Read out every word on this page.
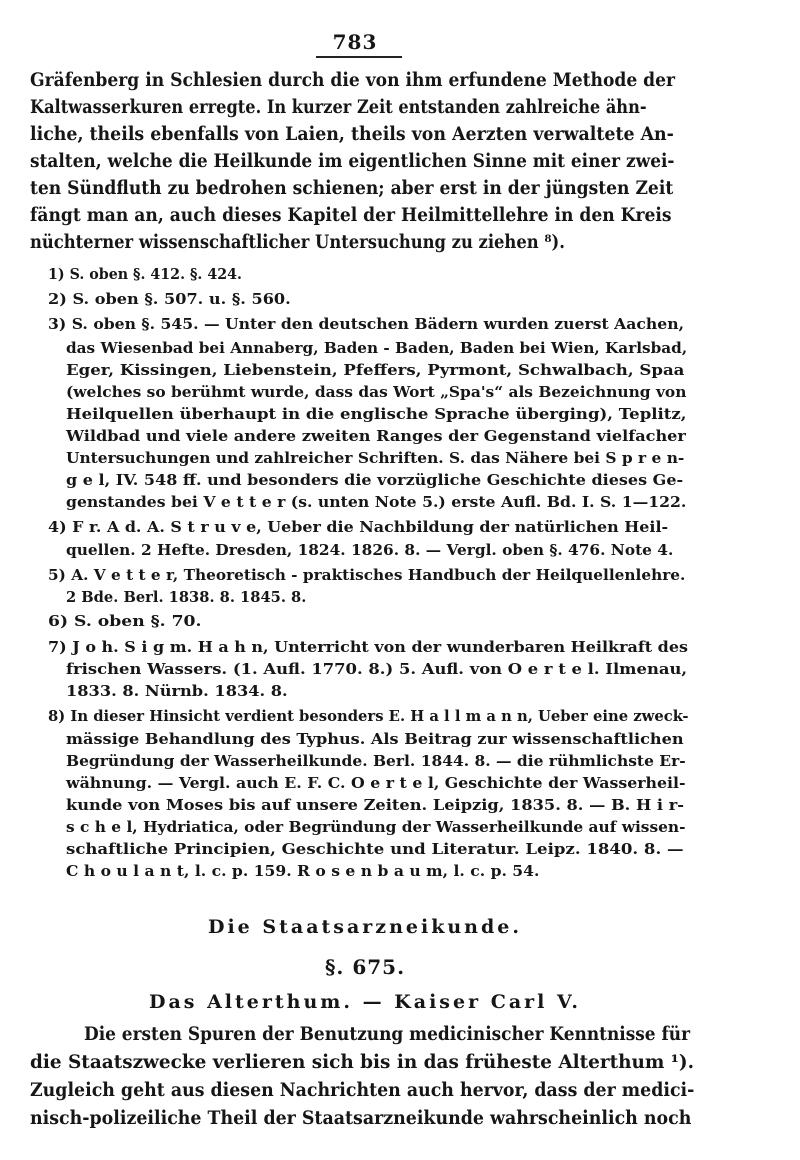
783
Gräfenberg in Schlesien durch die von ihm erfundene Methode der
Kaltwasserkuren erregte. In kurzer Zeit entstanden zahlreiche ähn-
liche, theils ebenfalls von Laien, theils von Aerzten verwaltete An-
stalten, welche die Heilkunde im eigentlichen Sinne mit einer zwei-
ten Sündfluth zu bedrohen schienen; aber erst in der jüngsten Zeit
fängt man an, auch dieses Kapitel der Heilmittellehre in den Kreis
nüchterner wissenschaftlicher Untersuchung zu ziehen ⁸).
1) S. oben §. 412. §. 424.
2) S. oben §. 507. u. §. 560.
3) S. oben §. 545. — Unter den deutschen Bädern wurden zuerst Aachen,
das Wiesenbad bei Annaberg, Baden - Baden, Baden bei Wien, Karlsbad,
Eger, Kissingen, Liebenstein, Pfeffers, Pyrmont, Schwalbach, Spaa
(welches so berühmt wurde, dass das Wort „Spa's“ als Bezeichnung von
Heilquellen überhaupt in die englische Sprache überging), Teplitz,
Wildbad und viele andere zweiten Ranges der Gegenstand vielfacher
Untersuchungen und zahlreicher Schriften. S. das Nähere bei S p r e n-
g e l, IV. 548 ff. und besonders die vorzügliche Geschichte dieses Ge-
genstandes bei V e t t e r (s. unten Note 5.) erste Aufl. Bd. I. S. 1—122.
4) F r. A d. A. S t r u v e, Ueber die Nachbildung der natürlichen Heil-
quellen. 2 Hefte. Dresden, 1824. 1826. 8. — Vergl. oben §. 476. Note 4.
5) A. V e t t e r, Theoretisch - praktisches Handbuch der Heilquellenlehre.
2 Bde. Berl. 1838. 8. 1845. 8.
6) S. oben §. 70.
7) J o h. S i g m. H a h n, Unterricht von der wunderbaren Heilkraft des
frischen Wassers. (1. Aufl. 1770. 8.) 5. Aufl. von O e r t e l. Ilmenau,
1833. 8. Nürnb. 1834. 8.
8) In dieser Hinsicht verdient besonders E. H a l l m a n n, Ueber eine zweck-
mässige Behandlung des Typhus. Als Beitrag zur wissenschaftlichen
Begründung der Wasserheilkunde. Berl. 1844. 8. — die rühmlichste Er-
wähnung. — Vergl. auch E. F. C. O e r t e l, Geschichte der Wasserheil-
kunde von Moses bis auf unsere Zeiten. Leipzig, 1835. 8. — B. H i r-
s c h e l, Hydriatica, oder Begründung der Wasserheilkunde auf wissen-
schaftliche Principien, Geschichte und Literatur. Leipz. 1840. 8. —
C h o u l a n t, l. c. p. 159. R o s e n b a u m, l. c. p. 54.
Die Staatsarzneikunde.
§. 675.
Das Alterthum. — Kaiser Carl V.
Die ersten Spuren der Benutzung medicinischer Kenntnisse für
die Staatszwecke verlieren sich bis in das früheste Alterthum ¹).
Zugleich geht aus diesen Nachrichten auch hervor, dass der medici-
nisch-polizeiliche Theil der Staatsarzneikunde wahrscheinlich noch
